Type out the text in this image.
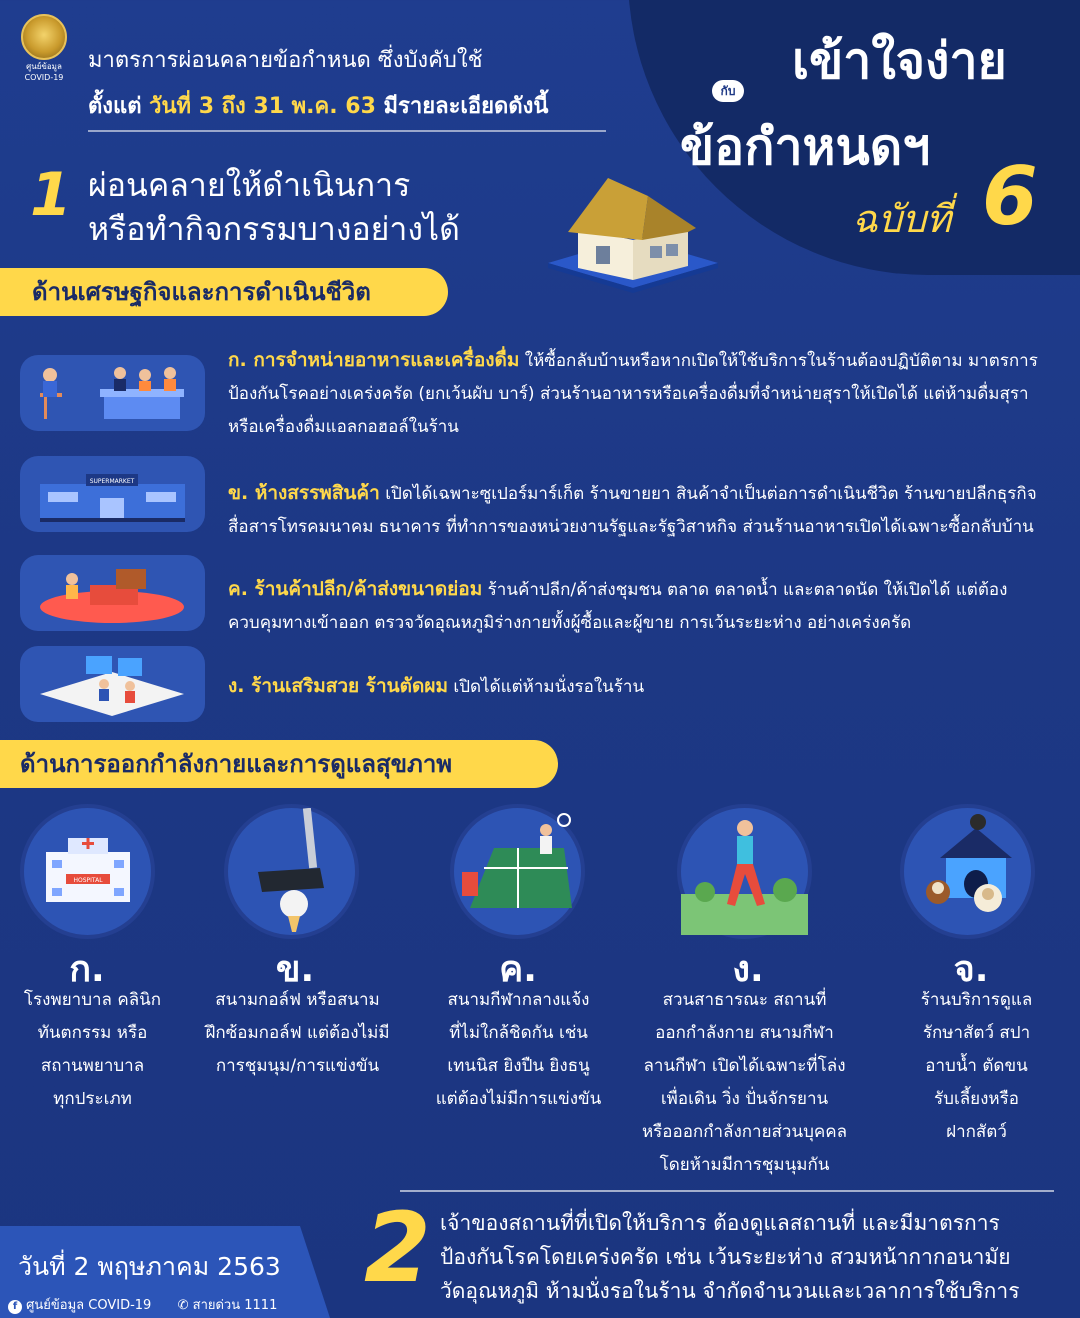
ศูนย์ข้อมูล
COVID-19
มาตรการผ่อนคลายข้อกำหนด ซึ่งบังคับใช้
ตั้งแต่ วันที่ 3 ถึง 31 พ.ค. 63 มีรายละเอียดดังนี้
เข้าใจง่าย
กับ
ข้อกำหนดฯ
ฉบับที่ 6
1 ผ่อนคลายให้ดำเนินการ
หรือทำกิจกรรมบางอย่างได้
ด้านเศรษฐกิจและการดำเนินชีวิต
ก. การจำหน่ายอาหารและเครื่องดื่ม ให้ซื้อกลับบ้านหรือหากเปิดให้ใช้บริการในร้านต้องปฏิบัติตาม มาตรการป้องกันโรคอย่างเคร่งครัด (ยกเว้นผับ บาร์) ส่วนร้านอาหารหรือเครื่องดื่มที่จำหน่ายสุราให้เปิดได้ แต่ห้ามดื่มสุราหรือเครื่องดื่มแอลกอฮอล์ในร้าน
SUPERMARKET
ข. ห้างสรรพสินค้า เปิดได้เฉพาะซูเปอร์มาร์เก็ต ร้านขายยา สินค้าจำเป็นต่อการดำเนินชีวิต ร้านขายปลีกธุรกิจ สื่อสารโทรคมนาคม ธนาคาร ที่ทำการของหน่วยงานรัฐและรัฐวิสาหกิจ ส่วนร้านอาหารเปิดได้เฉพาะซื้อกลับบ้าน
ค. ร้านค้าปลีก/ค้าส่งขนาดย่อม ร้านค้าปลีก/ค้าส่งชุมชน ตลาด ตลาดน้ำ และตลาดนัด ให้เปิดได้ แต่ต้อง ควบคุมทางเข้าออก ตรวจวัดอุณหภูมิร่างกายทั้งผู้ซื้อและผู้ขาย การเว้นระยะห่าง อย่างเคร่งครัด
ง. ร้านเสริมสวย ร้านตัดผม เปิดได้แต่ห้ามนั่งรอในร้าน
ด้านการออกกำลังกายและการดูแลสุขภาพ
HOSPITAL
ก.
โรงพยาบาล คลินิก
ทันตกรรม หรือ
สถานพยาบาล
ทุกประเภท
ข.
สนามกอล์ฟ หรือสนาม
ฝึกซ้อมกอล์ฟ แต่ต้องไม่มี
การชุมนุม/การแข่งขัน
ค.
สนามกีฬากลางแจ้ง
ที่ไม่ใกล้ชิดกัน เช่น
เทนนิส ยิงปืน ยิงธนู
แต่ต้องไม่มีการแข่งขัน
ง.
สวนสาธารณะ สถานที่
ออกกำลังกาย สนามกีฬา
ลานกีฬา เปิดได้เฉพาะที่โล่ง
เพื่อเดิน วิ่ง ปั่นจักรยาน
หรือออกกำลังกายส่วนบุคคล
โดยห้ามมีการชุมนุมกัน
จ.
ร้านบริการดูแล
รักษาสัตว์ สปา
อาบน้ำ ตัดขน
รับเลี้ยงหรือ
ฝากสัตว์
วันที่ 2 พฤษภาคม 2563
f ศูนย์ข้อมูล COVID-19 ✆ สายด่วน 1111
2 เจ้าของสถานที่ที่เปิดให้บริการ ต้องดูแลสถานที่ และมีมาตรการ
ป้องกันโรคโดยเคร่งครัด เช่น เว้นระยะห่าง สวมหน้ากากอนามัย
วัดอุณหภูมิ ห้ามนั่งรอในร้าน จำกัดจำนวนและเวลาการใช้บริการ
